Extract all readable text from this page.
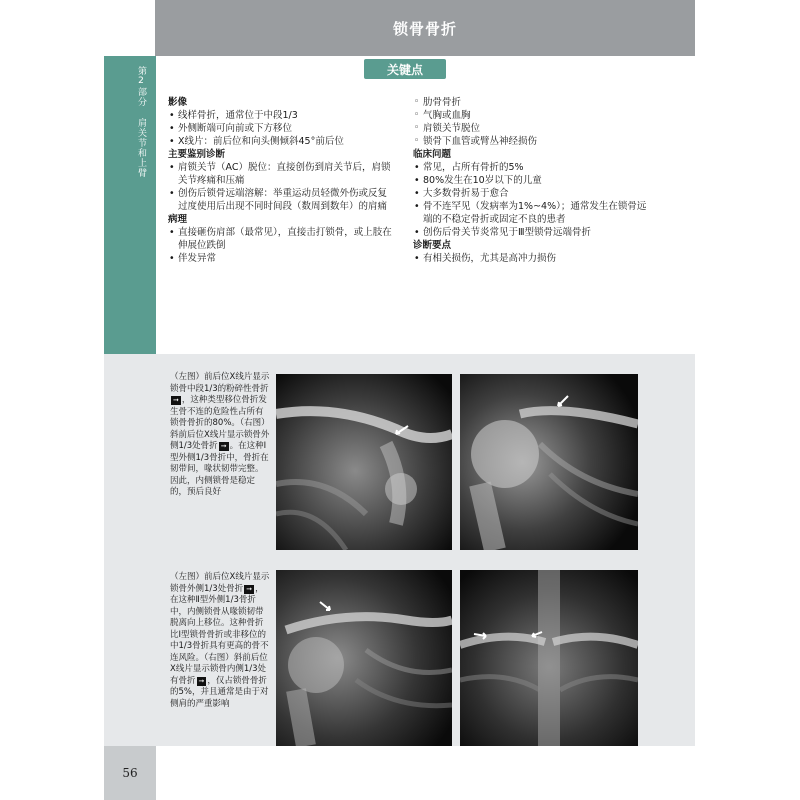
锁骨骨折
第2部分 肩关节和上臂	关键点

影像

• 线样骨折，通常位于中段1/3
• 外侧断端可向前或下方移位
• X线片：前后位和向头侧倾斜45°前后位

主要鉴别诊断

• 肩锁关节（AC）脱位：直接创伤到肩关节后，肩锁关节疼痛和压痛
• 创伤后锁骨远端溶解：举重运动员轻微外伤或反复过度使用后出现不同时间段（数周到数年）的肩痛

病理

• 直接砸伤肩部（最常见），直接击打锁骨，或上肢在伸展位跌倒
• 伴发异常
◦ 肋骨骨折
◦ 气胸或血胸
◦ 肩锁关节脱位
◦ 锁骨下血管或臂丛神经损伤

临床问题

• 常见，占所有骨折的5%
• 80%发生在10岁以下的儿童
• 大多数骨折易于愈合
• 骨不连罕见（发病率为1%~4%）；通常发生在锁骨远端的不稳定骨折或固定不良的患者
• 创伤后骨关节炎常见于Ⅲ型锁骨远端骨折

诊断要点

• 有相关损伤，尤其是高冲力损伤
（左图）前后位X线片显示锁骨中段1/3的粉碎性骨折➞ ，这种类型移位骨折发生骨不连的危险性占所有锁骨骨折的80%。（右图）斜前后位X线片显示锁骨外侧1/3处骨折 ➞ 。在这种Ⅰ型外侧1/3骨折中，骨折在韧带间，喙状韧带完整。因此，内侧锁骨是稳定的，预后良好
（左图）前后位X线片显示锁骨外侧1/3处骨折 ➞ ，在这种Ⅱ型外侧1/3骨折中，内侧锁骨从喙锁韧带脱离向上移位。这种骨折比Ⅰ型锁骨骨折或非移位的中1/3骨折具有更高的骨不连风险。（右图）斜前后位X线片显示锁骨内侧1/3处有骨折 ➞ ，仅占锁骨骨折的5%，并且通常是由于对侧肩的严重影响
56
